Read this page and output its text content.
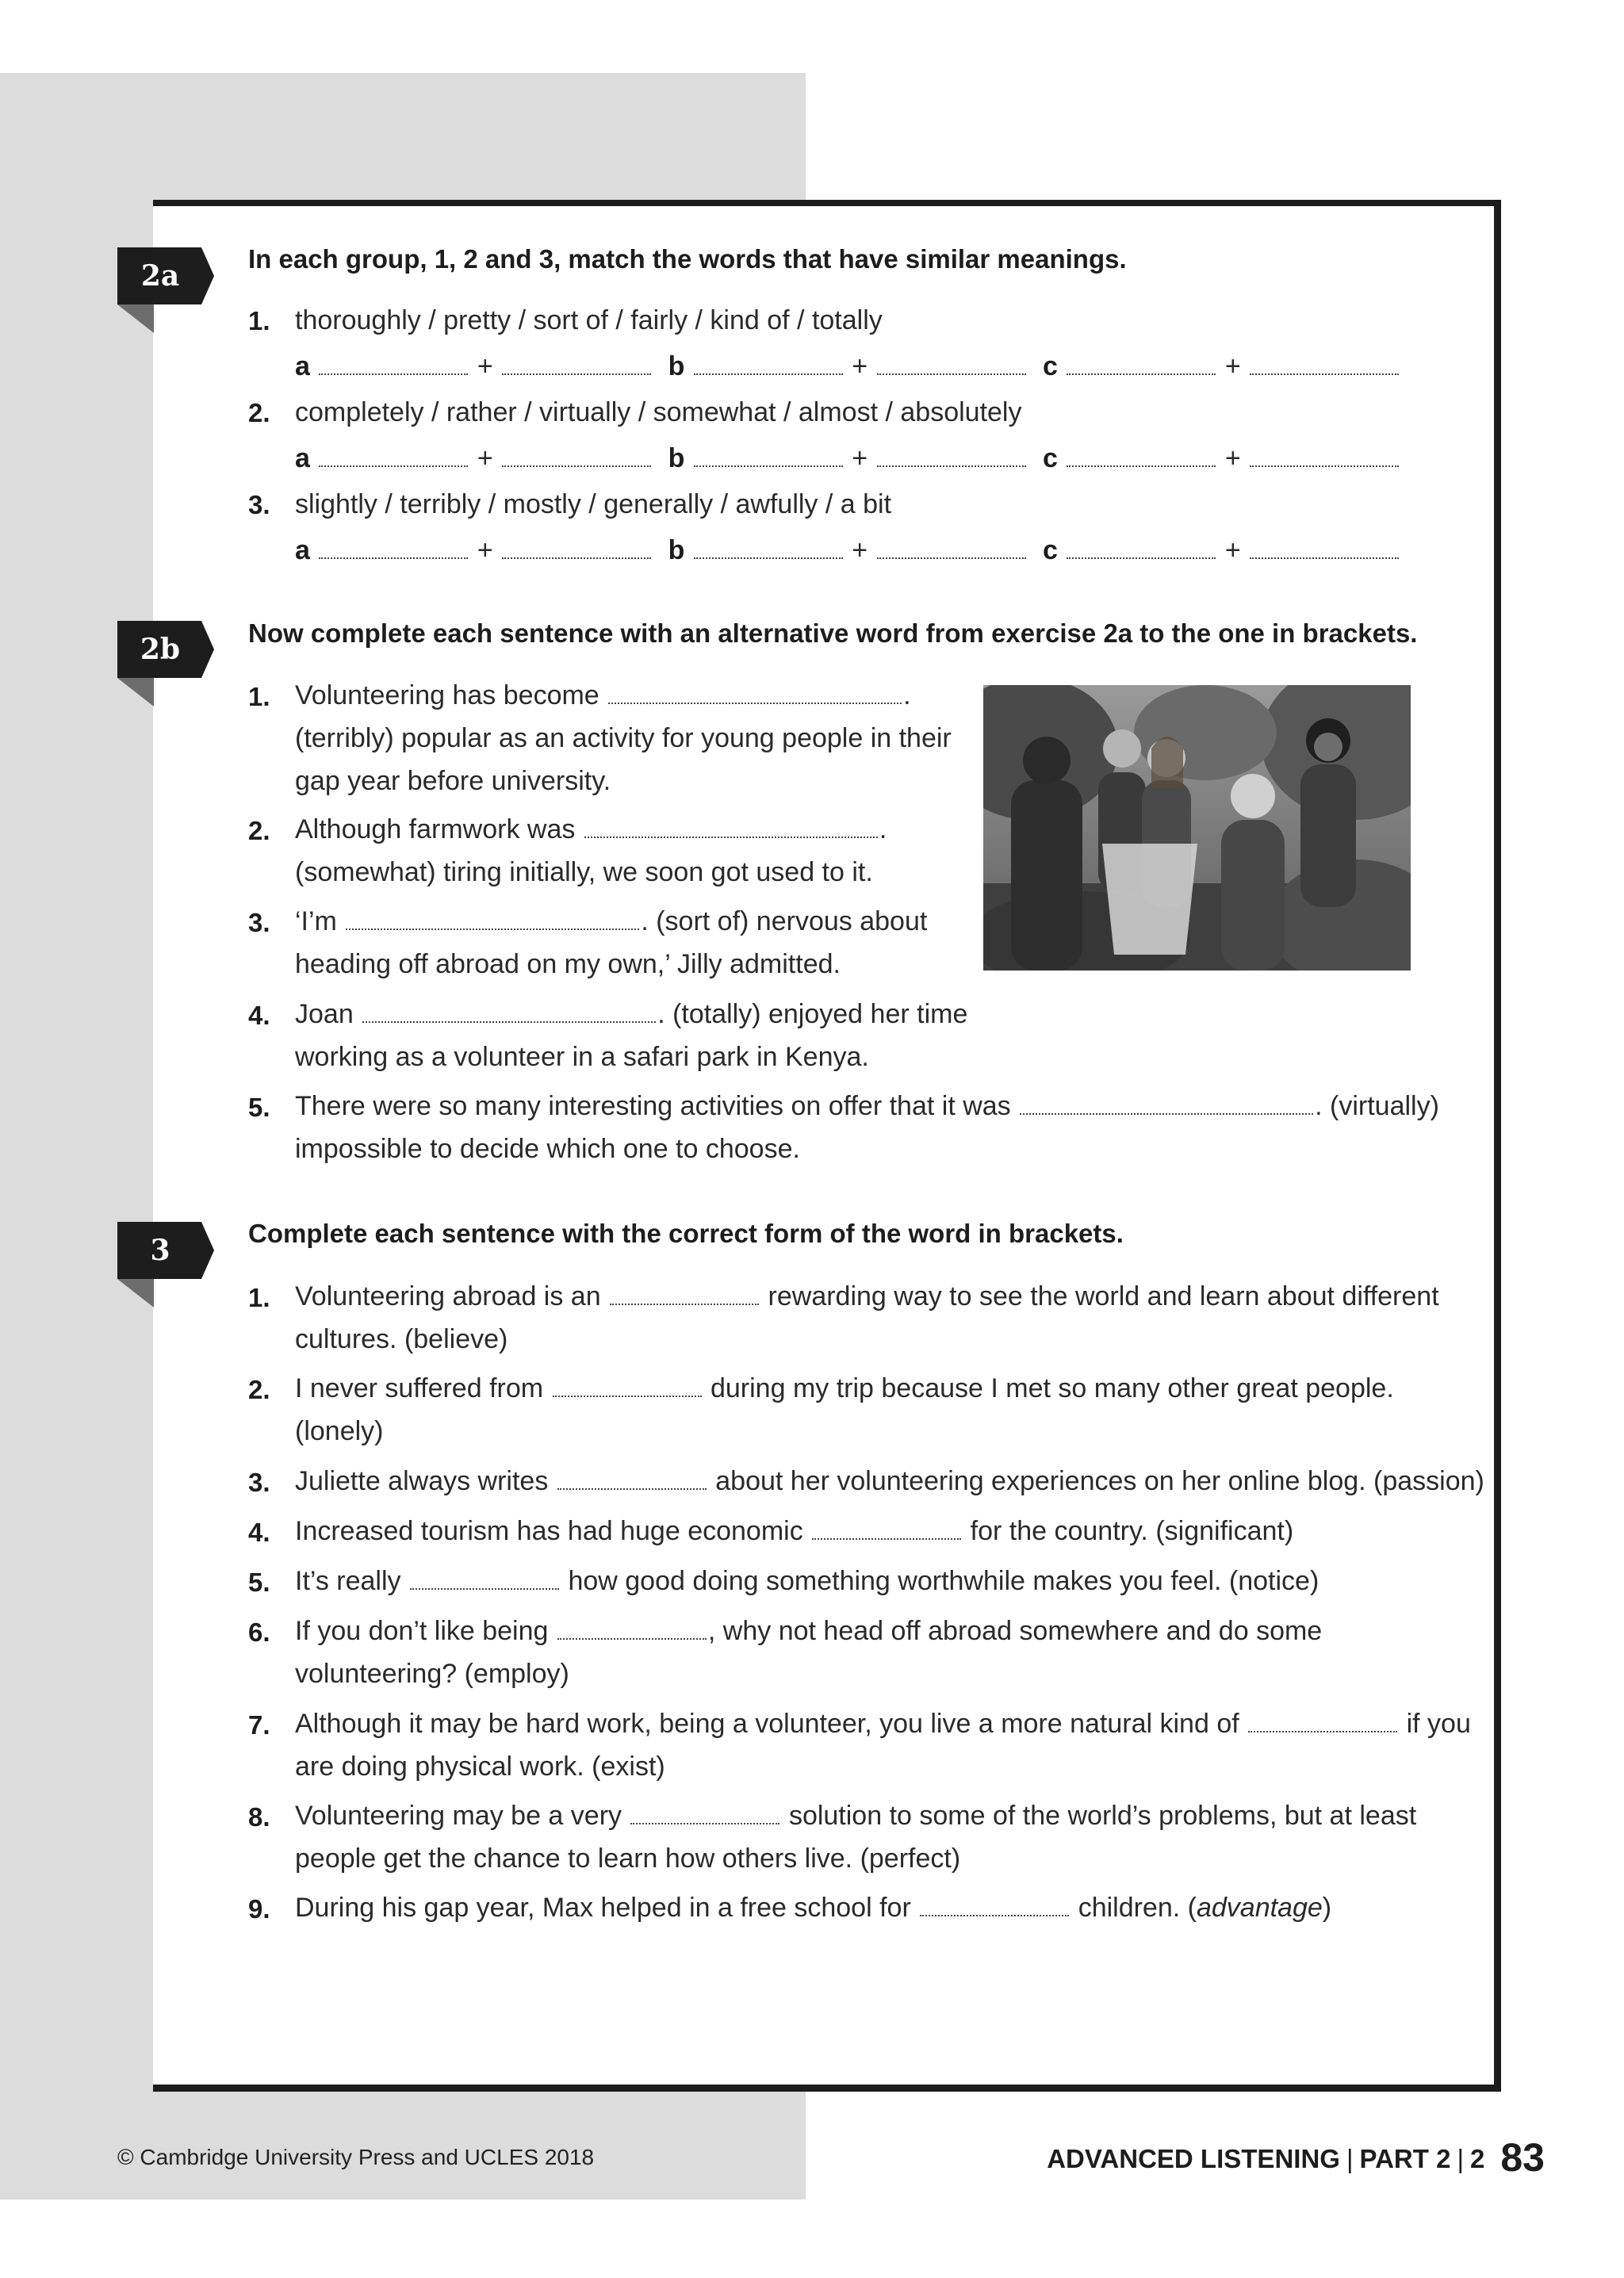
2a
In each group, 1, 2 and 3, match the words that have similar meanings.
1. thoroughly / pretty / sort of / fairly / kind of / totally
a	+	b	+	c	+
2. completely / rather / virtually / somewhat / almost / absolutely
a	+	b	+	c	+
3. slightly / terribly / mostly / generally / awfully / a bit
a	+	b	+	c	+
2b	Now complete each sentence with an alternative word from exercise 2a to the one in brackets.
1. Volunteering has become	.
(terribly) popular as an activity for young people in their
gap year before university.
2. Although farmwork was	.
(somewhat) tiring initially, we soon got used to it.
3. ‘I’m	. (sort of) nervous about
heading off abroad on my own,’ Jilly admitted.
4. Joan	. (totally) enjoyed her time
working as a volunteer in a safari park in Kenya.
5. There were so many interesting activities on offer that it was	. (virtually)
impossible to decide which one to choose.
3
Complete each sentence with the correct form of the word in brackets.
1. Volunteering abroad is an	rewarding way to see the world and learn about different
cultures. (believe)
2. I never suffered from	during my trip because I met so many other great people.
(lonely)
3. Juliette always writes	about her volunteering experiences on her online blog. (passion)
4. Increased tourism has had huge economic	for the country. (significant)
5. It’s really	how good doing something worthwhile makes you feel. (notice)
6. If you don’t like being	, why not head off abroad somewhere and do some
volunteering? (employ)
7. Although it may be hard work, being a volunteer, you live a more natural kind of	if you
are doing physical work. (exist)
8. Volunteering may be a very	solution to some of the world’s problems, but at least
people get the chance to learn how others live. (perfect)
9. During his gap year, Max helped in a free school for	children. (advantage)
© Cambridge University Press and UCLES 2018	ADVANCED LISTENING | PART 2 | 2 83
